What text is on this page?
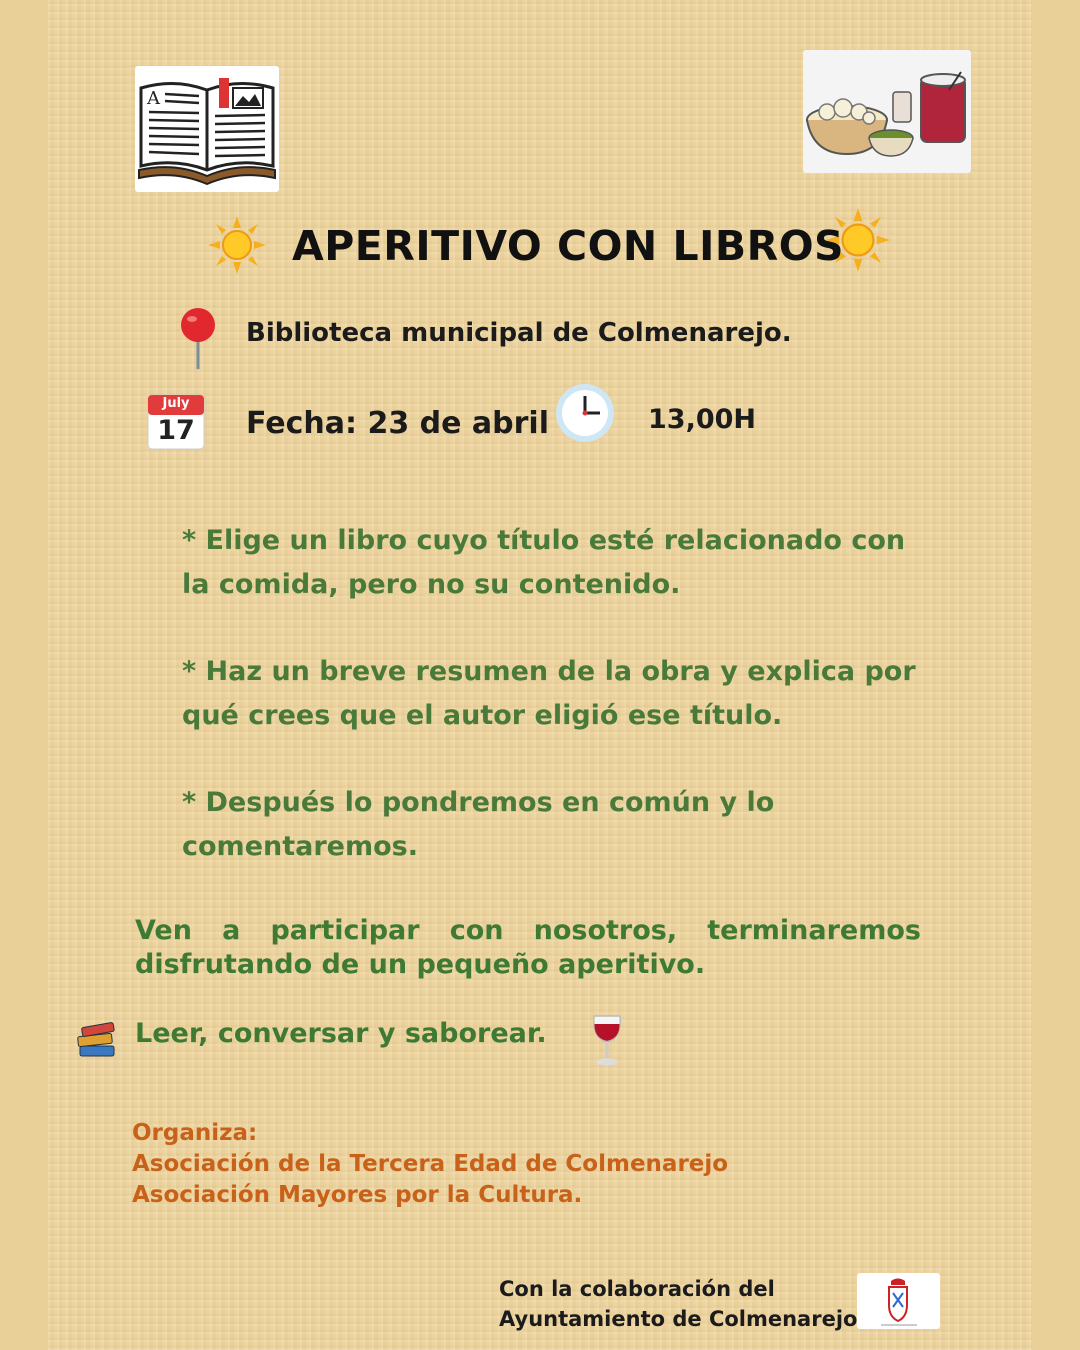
A
APERITIVO CON LIBROS
Biblioteca municipal de Colmenarejo.
July
17	Fecha: 23 de abril	13,00H
* Elige un libro cuyo título esté relacionado con
la comida, pero no su contenido.
* Haz un breve resumen de la obra y explica por
qué crees que el autor eligió ese título.
* Después lo pondremos en común y lo
comentaremos.
Ven a participar con nosotros, terminaremos
disfrutando de un pequeño aperitivo.
Leer, conversar y saborear.
Organiza:
Asociación de la Tercera Edad de Colmenarejo
Asociación Mayores por la Cultura.
Con la colaboración del
Ayuntamiento de Colmenarejo
